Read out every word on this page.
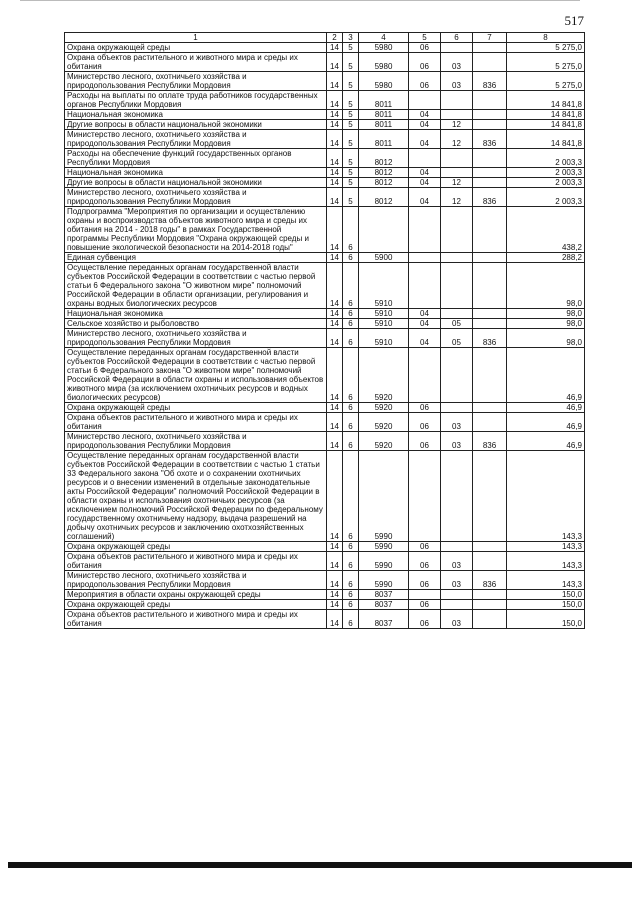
517
1	2	3	4	5	6	7	8
Охрана окружающей среды	14	5	5980	06			5 275,0
Охрана объектов растительного и животного мира и среды их обитания	14	5	5980	06	03		5 275,0
Министерство лесного, охотничьего хозяйства и природопользования Республики Мордовия	14	5	5980	06	03	836	5 275,0
Расходы на выплаты по оплате труда работников государственных органов Республики Мордовия	14	5	8011				14 841,8
Национальная экономика	14	5	8011	04			14 841,8
Другие вопросы в области национальной экономики	14	5	8011	04	12		14 841,8
Министерство лесного, охотничьего хозяйства и природопользования Республики Мордовия	14	5	8011	04	12	836	14 841,8
Расходы на обеспечение функций государственных органов Республики Мордовия	14	5	8012				2 003,3
Национальная экономика	14	5	8012	04			2 003,3
Другие вопросы в области национальной экономики	14	5	8012	04	12		2 003,3
Министерство лесного, охотничьего хозяйства и природопользования Республики Мордовия	14	5	8012	04	12	836	2 003,3
Подпрограмма "Мероприятия по организации и осуществлению охраны и воспроизводства объектов животного мира и среды их обитания на 2014 - 2018 годы" в рамках Государственной программы Республики Мордовия "Охрана окружающей среды и повышение экологической безопасности на 2014-2018 годы"	14	6					438,2
Единая субвенция	14	6	5900				288,2
Осуществление переданных органам государственной власти субъектов Российской Федерации в соответствии с частью первой статьи 6 Федерального закона "О животном мире" полномочий Российской Федерации в области организации, регулирования и охраны водных биологических ресурсов	14	6	5910				98,0
Национальная экономика	14	6	5910	04			98,0
Сельское хозяйство и рыболовство	14	6	5910	04	05		98,0
Министерство лесного, охотничьего хозяйства и природопользования Республики Мордовия	14	6	5910	04	05	836	98,0
Осуществление переданных органам государственной власти субъектов Российской Федерации в соответствии с частью первой статьи 6 Федерального закона "О животном мире" полномочий Российской Федерации в области охраны и использования объектов животного мира (за исключением охотничьих ресурсов и водных биологических ресурсов)	14	6	5920				46,9
Охрана окружающей среды	14	6	5920	06			46,9
Охрана объектов растительного и животного мира и среды их обитания	14	6	5920	06	03		46,9
Министерство лесного, охотничьего хозяйства и природопользования Республики Мордовия	14	6	5920	06	03	836	46,9
Осуществление переданных органам государственной власти субъектов Российской Федерации в соответствии с частью 1 статьи 33 Федерального закона "Об охоте и о сохранении охотничьих ресурсов и о внесении изменений в отдельные законодательные акты Российской Федерации" полномочий Российской Федерации в области охраны и использования охотничьих ресурсов (за исключением полномочий Российской Федерации по федеральному государственному охотничьему надзору, выдача разрешений на добычу охотничьих ресурсов и заключению охотхозяйственных соглашений)	14	6	5990				143,3
Охрана окружающей среды	14	6	5990	06			143,3
Охрана объектов растительного и животного мира и среды их обитания	14	6	5990	06	03		143,3
Министерство лесного, охотничьего хозяйства и природопользования Республики Мордовия	14	6	5990	06	03	836	143,3
Мероприятия в области охраны окружающей среды	14	6	8037				150,0
Охрана окружающей среды	14	6	8037	06			150,0
Охрана объектов растительного и животного мира и среды их обитания	14	6	8037	06	03		150,0
